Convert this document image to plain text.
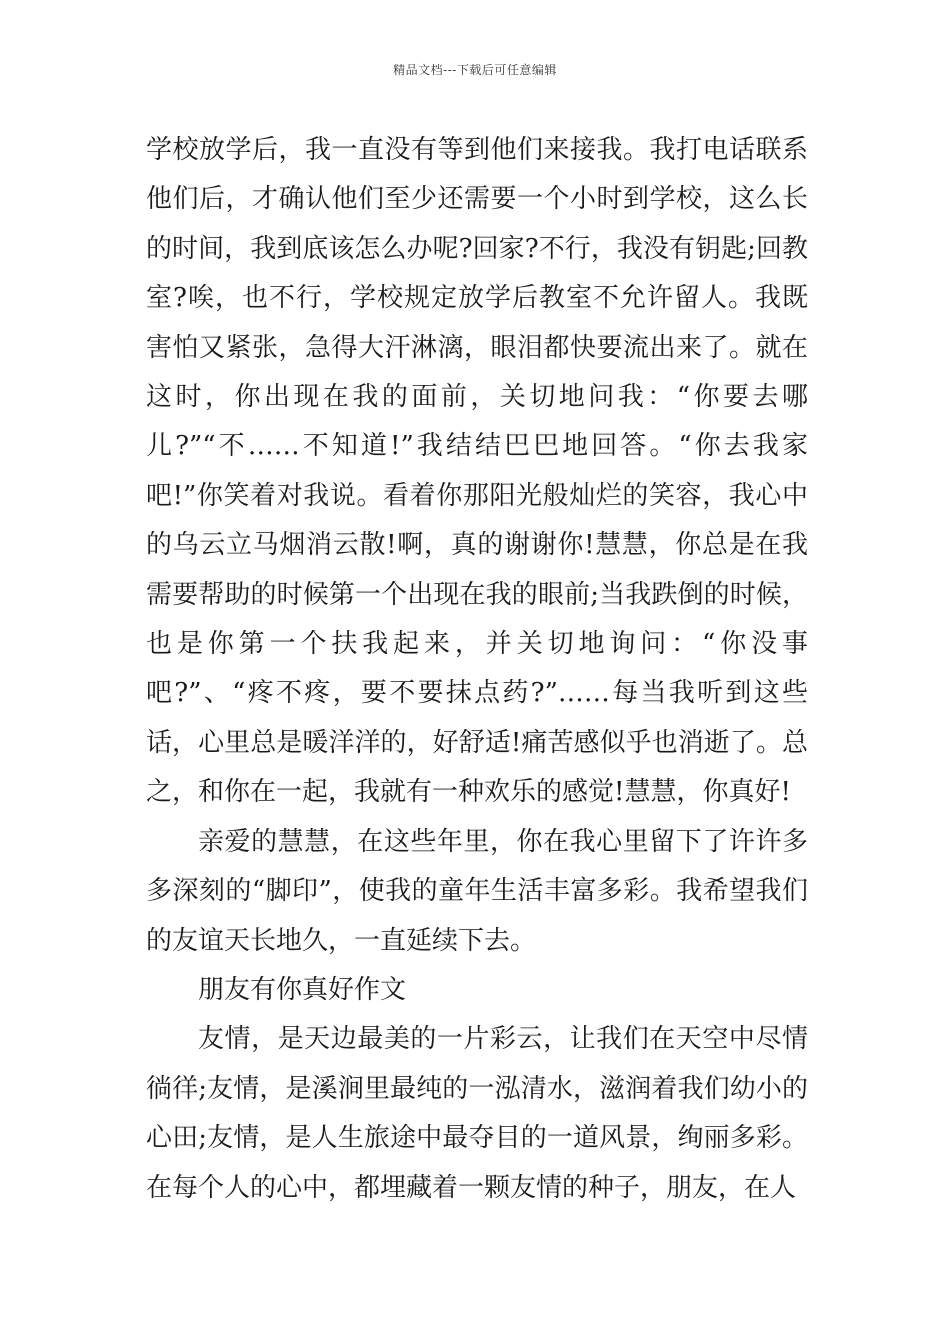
精品文档---下载后可任意编辑

学校放学后，我一直没有等到他们来接我。我打电话联系他们后，才确认他们至少还需要一个小时到学校，这么长的时间，我到底该怎么办呢?回家?不行，我没有钥匙;回教室?唉，也不行，学校规定放学后教室不允许留人。我既害怕又紧张，急得大汗淋漓，眼泪都快要流出来了。就在这时，你出现在我的面前，关切地问我：“你要去哪儿?”“不……不知道!”我结结巴巴地回答。“你去我家吧!”你笑着对我说。看着你那阳光般灿烂的笑容，我心中的乌云立马烟消云散!啊，真的谢谢你!慧慧，你总是在我需要帮助的时候第一个出现在我的眼前;当我跌倒的时候，也是你第一个扶我起来，并关切地询问：“你没事吧?”、“疼不疼，要不要抹点药?”……每当我听到这些话，心里总是暖洋洋的，好舒适!痛苦感似乎也消逝了。总之，和你在一起，我就有一种欢乐的感觉!慧慧，你真好!

亲爱的慧慧，在这些年里，你在我心里留下了许许多多深刻的“脚印”，使我的童年生活丰富多彩。我希望我们的友谊天长地久，一直延续下去。

朋友有你真好作文

友情，是天边最美的一片彩云，让我们在天空中尽情徜徉;友情，是溪涧里最纯的一泓清水，滋润着我们幼小的心田;友情，是人生旅途中最夺目的一道风景，绚丽多彩。在每个人的心中，都埋藏着一颗友情的种子，朋友，在人
